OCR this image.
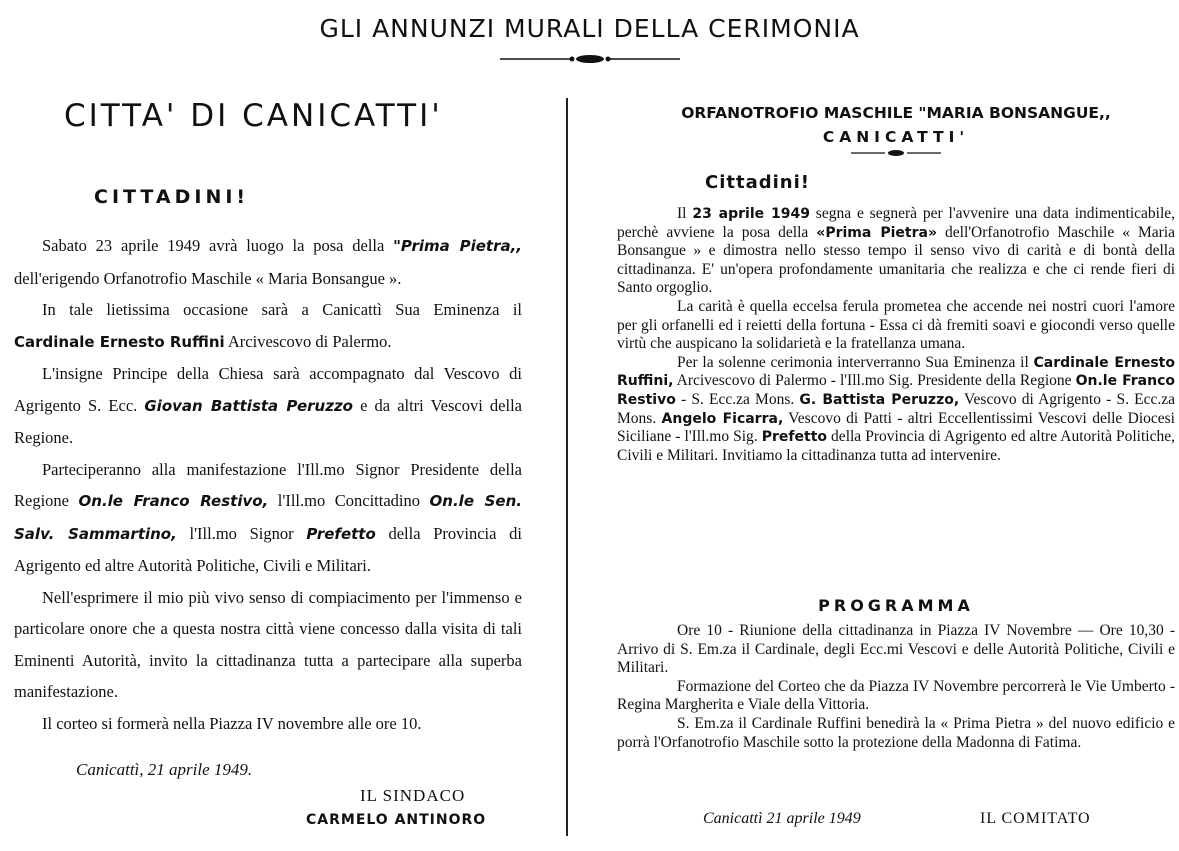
GLI ANNUNZI MURALI DELLA CERIMONIA
CITTA' DI CANICATTI'
CITTADINI!

Sabato 23 aprile 1949 avrà luogo la posa della "Prima Pietra,, dell'erigendo Orfanotrofio Maschile « Maria Bonsangue ».

In tale lietissima occasione sarà a Canicattì Sua Eminenza il Cardinale Ernesto Ruffini Arcivescovo di Palermo.

L'insigne Principe della Chiesa sarà accompagnato dal Vescovo di Agrigento S. Ecc. Giovan Battista Peruzzo e da altri Vescovi della Regione.

Parteciperanno alla manifestazione l'Ill.mo Signor Presidente della Regione On.le Franco Restivo, l'Ill.mo Concittadino On.le Sen. Salv. Sammartino, l'Ill.mo Signor Prefetto della Provincia di Agrigento ed altre Autorità Politiche, Civili e Militari.

Nell'esprimere il mio più vivo senso di compiacimento per l'immenso e particolare onore che a questa nostra città viene concesso dalla visita di tali Eminenti Autorità, invito la cittadinanza tutta a partecipare alla superba manifestazione.

Il corteo si formerà nella Piazza IV novembre alle ore 10.

Canicattì, 21 aprile 1949.
IL SINDACO
CARMELO ANTINORO
ORFANOTROFIO MASCHILE "MARIA BONSANGUE,,
CANICATTI'
Cittadini!

Il 23 aprile 1949 segna e segnerà per l'avvenire una data indimenticabile, perchè avviene la posa della «Prima Pietra» dell'Orfanotrofio Maschile « Maria Bonsangue » e dimostra nello stesso tempo il senso vivo di carità e di bontà della cittadinanza. E' un'opera profondamente umanitaria che realizza e che ci rende fieri di Santo orgoglio.

La carità è quella eccelsa ferula prometea che accende nei nostri cuori l'amore per gli orfanelli ed i reietti della fortuna - Essa ci dà fremiti soavi e giocondi verso quelle virtù che auspicano la solidarietà e la fratellanza umana.

Per la solenne cerimonia interverranno Sua Eminenza il Cardinale Ernesto Ruffini, Arcivescovo di Palermo - l'Ill.mo Sig. Presidente della Regione On.le Franco Restivo - S. Ecc.za Mons. G. Battista Peruzzo, Vescovo di Agrigento - S. Ecc.za Mons. Angelo Ficarra, Vescovo di Patti - altri Eccellentissimi Vescovi delle Diocesi Siciliane - l'Ill.mo Sig. Prefetto della Provincia di Agrigento ed altre Autorità Politiche, Civili e Militari. Invitiamo la cittadinanza tutta ad intervenire.

PROGRAMMA

Ore 10 - Riunione della cittadinanza in Piazza IV Novembre — Ore 10,30 - Arrivo di S. Em.za il Cardinale, degli Ecc.mi Vescovi e delle Autorità Politiche, Civili e Militari.

Formazione del Corteo che da Piazza IV Novembre percorrerà le Vie Umberto - Regina Margherita e Viale della Vittoria.

S. Em.za il Cardinale Ruffini benedirà la « Prima Pietra » del nuovo edificio e porrà l'Orfanotrofio Maschile sotto la protezione della Madonna di Fatima.

Canicattì 21 aprile 1949	IL COMITATO
